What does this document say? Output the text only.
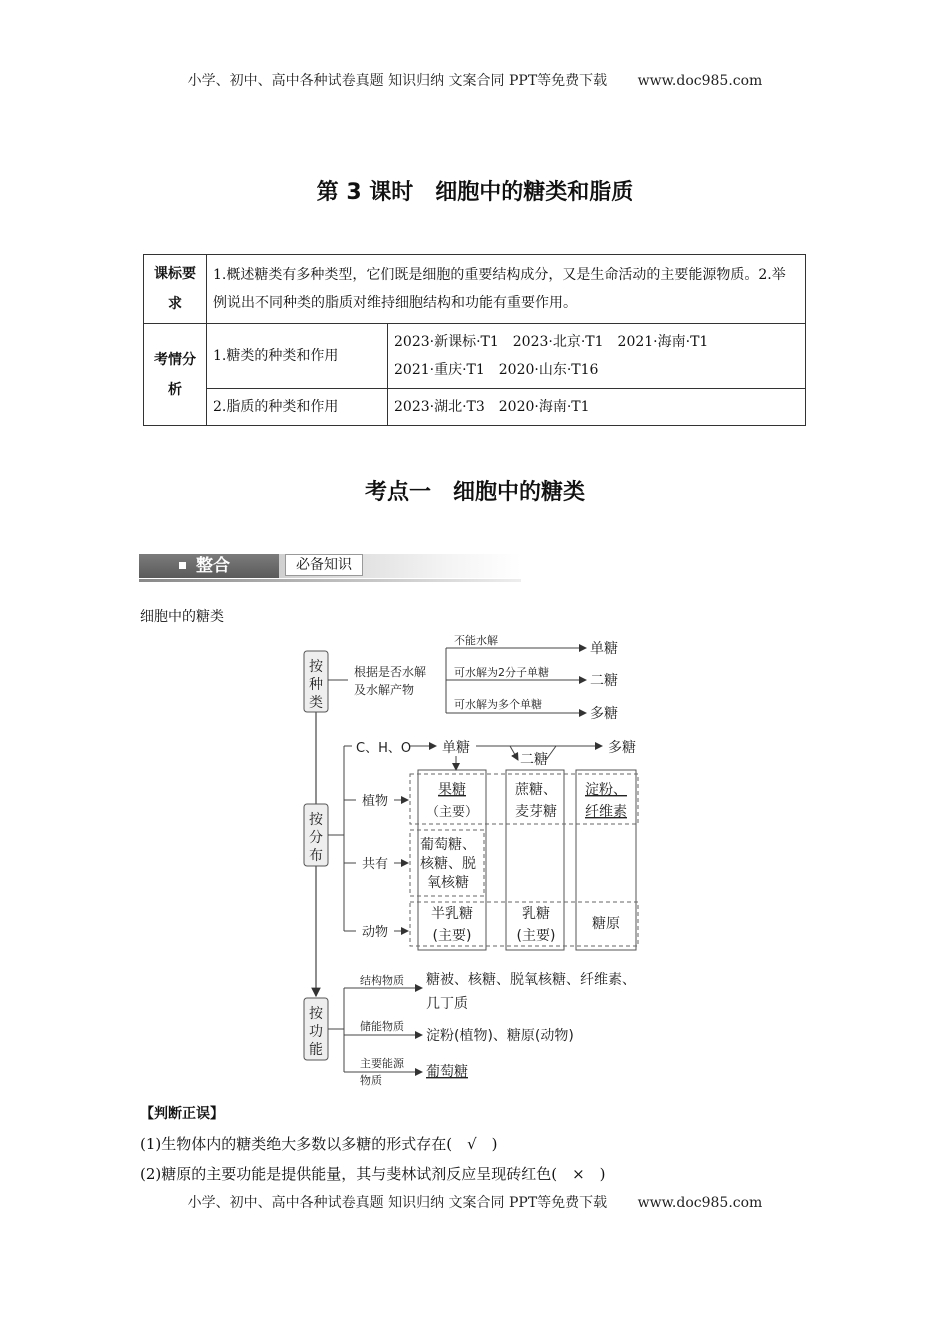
小学、初中、高中各种试卷真题 知识归纳 文案合同 PPT等免费下载 www.doc985.com
第 3 课时　细胞中的糖类和脂质
课标要求	1.概述糖类有多种类型，它们既是细胞的重要结构成分，又是生命活动的主要能源物质。2.举例说出不同种类的脂质对维持细胞结构和功能有重要作用。	
考情分析	1.糖类的种类和作用	2023·新课标·T1　2023·北京·T1　2021·海南·T1
2021·重庆·T1　2020·山东·T16

	2.脂质的种类和作用	2023·湖北·T3　2020·海南·T1
考点一　细胞中的糖类
整合	必备知识
细胞中的糖类
按
种
类
根据是否水解
及水解产物
不能水解
可水解为2分子单糖
可水解为多个单糖
单糖
二糖
多糖
按
分
布
C、H、O 单糖
二糖
多糖
植物
共有
动物
果糖
（主要）
蔗糖、
麦芽糖
淀粉、
纤维素
葡萄糖、
核糖、脱
氧核糖
半乳糖
(主要)
乳糖
(主要)
糖原
按
功
能
结构物质
储能物质
主要能源
物质
糖被、核糖、脱氧核糖、纤维素、
几丁质
淀粉(植物)、糖原(动物)
葡萄糖
【判断正误】
(1)生物体内的糖类绝大多数以多糖的形式存在(　√　)
(2)糖原的主要功能是提供能量，其与斐林试剂反应呈现砖红色(　×　)
小学、初中、高中各种试卷真题 知识归纳 文案合同 PPT等免费下载 www.doc985.com
